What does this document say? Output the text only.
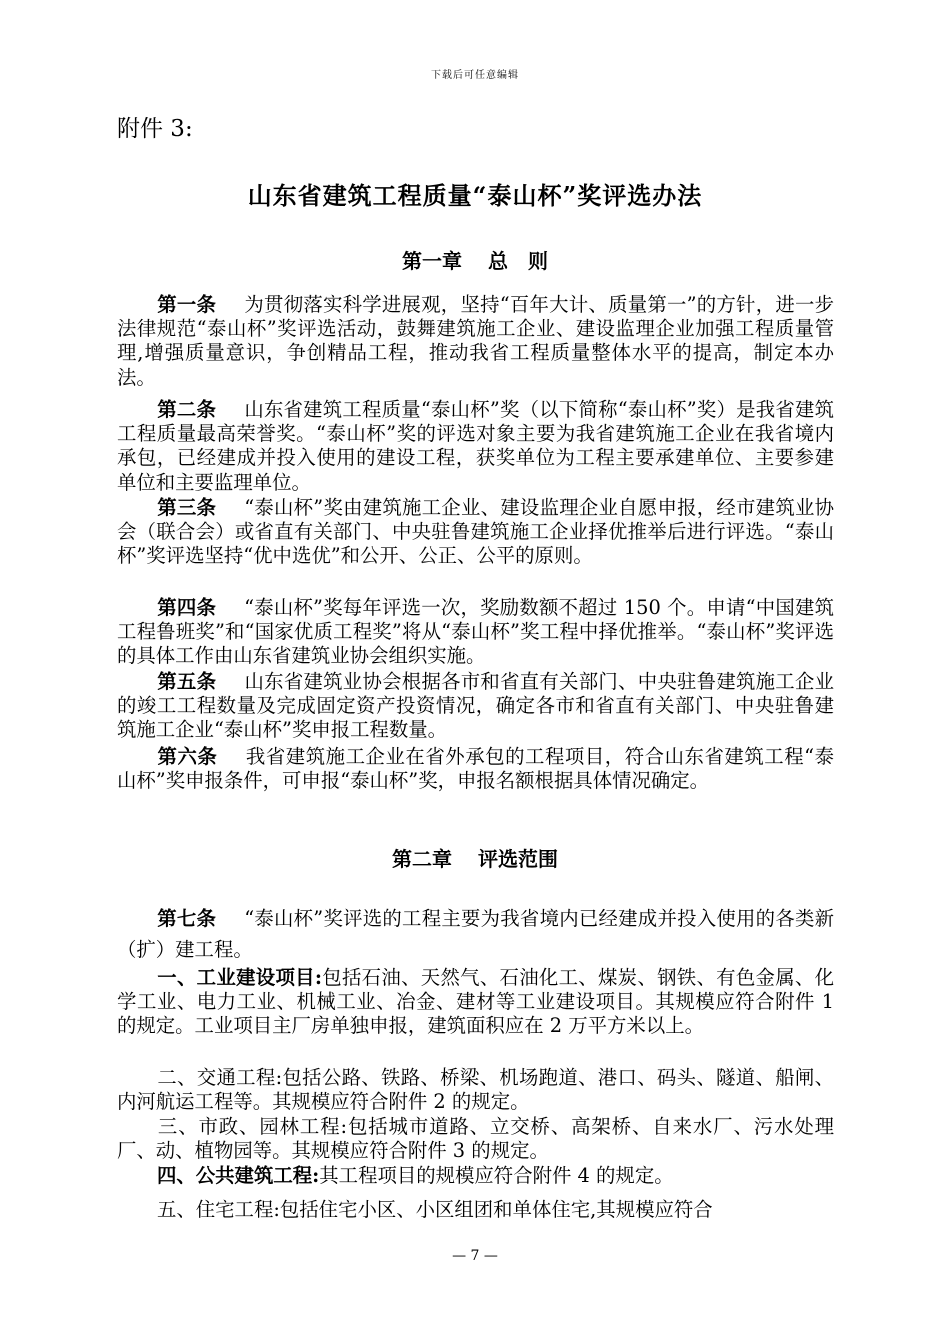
下载后可任意编辑
附件 3:
山东省建筑工程质量“泰山杯”奖评选办法
第一章 总　则

第一条 为贯彻落实科学进展观，坚持“百年大计、质量第一”的方针，进一步法律规范“泰山杯”奖评选活动，鼓舞建筑施工企业、建设监理企业加强工程质量管理,增强质量意识，争创精品工程，推动我省工程质量整体水平的提高，制定本办法。

第二条 山东省建筑工程质量“泰山杯”奖（以下简称“泰山杯”奖）是我省建筑工程质量最高荣誉奖。“泰山杯”奖的评选对象主要为我省建筑施工企业在我省境内承包，已经建成并投入使用的建设工程，获奖单位为工程主要承建单位、主要参建单位和主要监理单位。

第三条 “泰山杯”奖由建筑施工企业、建设监理企业自愿申报，经市建筑业协会（联合会）或省直有关部门、中央驻鲁建筑施工企业择优推举后进行评选。“泰山杯”奖评选坚持“优中选优”和公开、公正、公平的原则。

第四条 “泰山杯”奖每年评选一次，奖励数额不超过 150 个。申请“中国建筑工程鲁班奖”和“国家优质工程奖”将从“泰山杯”奖工程中择优推举。“泰山杯”奖评选的具体工作由山东省建筑业协会组织实施。

第五条 山东省建筑业协会根据各市和省直有关部门、中央驻鲁建筑施工企业的竣工工程数量及完成固定资产投资情况，确定各市和省直有关部门、中央驻鲁建筑施工企业“泰山杯”奖申报工程数量。

第六条 我省建筑施工企业在省外承包的工程项目，符合山东省建筑工程“泰山杯”奖申报条件，可申报“泰山杯”奖，申报名额根据具体情况确定。

第二章 评选范围

第七条 “泰山杯”奖评选的工程主要为我省境内已经建成并投入使用的各类新（扩）建工程。

一、工业建设项目:包括石油、天然气、石油化工、煤炭、钢铁、有色金属、化学工业、电力工业、机械工业、冶金、建材等工业建设项目。其规模应符合附件 1 的规定。工业项目主厂房单独申报，建筑面积应在 2 万平方米以上。

二、交通工程:包括公路、铁路、桥梁、机场跑道、港口、码头、隧道、船闸、内河航运工程等。其规模应符合附件 2 的规定。

三、市政、园林工程:包括城市道路、立交桥、高架桥、自来水厂、污水处理厂、动、植物园等。其规模应符合附件 3 的规定。

四、公共建筑工程:其工程项目的规模应符合附件 4 的规定。

五、住宅工程:包括住宅小区、小区组团和单体住宅,其规模应符合

— 7 —
